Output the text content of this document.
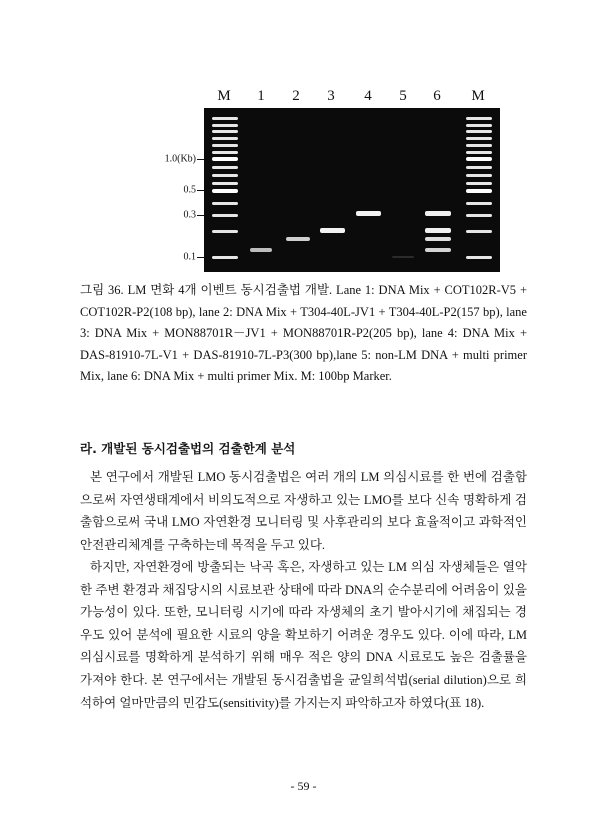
M 1 2 3 4 5 6 M
1.0(Kb)
0.5
0.3
0.1

그림 36. LM 면화 4개 이벤트 동시검출법 개발. Lane 1: DNA Mix + COT102R-V5 + COT102R-P2(108 bp), lane 2: DNA Mix + T304-40L-JV1 + T304-40L-P2(157 bp), lane 3: DNA Mix + MON88701R－JV1 + MON88701R-P2(205 bp), lane 4: DNA Mix + DAS-81910-7L-V1 + DAS-81910-7L-P3(300 bp),lane 5: non-LM DNA + multi primer Mix, lane 6: DNA Mix + multi primer Mix. M: 100bp Marker.

라. 개발된 동시검출법의 검출한계 분석

본 연구에서 개발된 LMO 동시검출법은 여러 개의 LM 의심시료를 한 번에 검출함으로써 자연생태계에서 비의도적으로 자생하고 있는 LMO를 보다 신속 명확하게 검출함으로써 국내 LMO 자연환경 모니터링 및 사후관리의 보다 효율적이고 과학적인 안전관리체계를 구축하는데 목적을 두고 있다.

하지만, 자연환경에 방출되는 낙곡 혹은, 자생하고 있는 LM 의심 자생체들은 열악한 주변 환경과 채집당시의 시료보관 상태에 따라 DNA의 순수분리에 어려움이 있을 가능성이 있다. 또한, 모니터링 시기에 따라 자생체의 초기 발아시기에 채집되는 경우도 있어 분석에 필요한 시료의 양을 확보하기 어려운 경우도 있다. 이에 따라, LM 의심시료를 명확하게 분석하기 위해 매우 적은 양의 DNA 시료로도 높은 검출률을 가져야 한다. 본 연구에서는 개발된 동시검출법을 균일희석법(serial dilution)으로 희석하여 얼마만큼의 민감도(sensitivity)를 가지는지 파악하고자 하였다(표 18).

- 59 -
